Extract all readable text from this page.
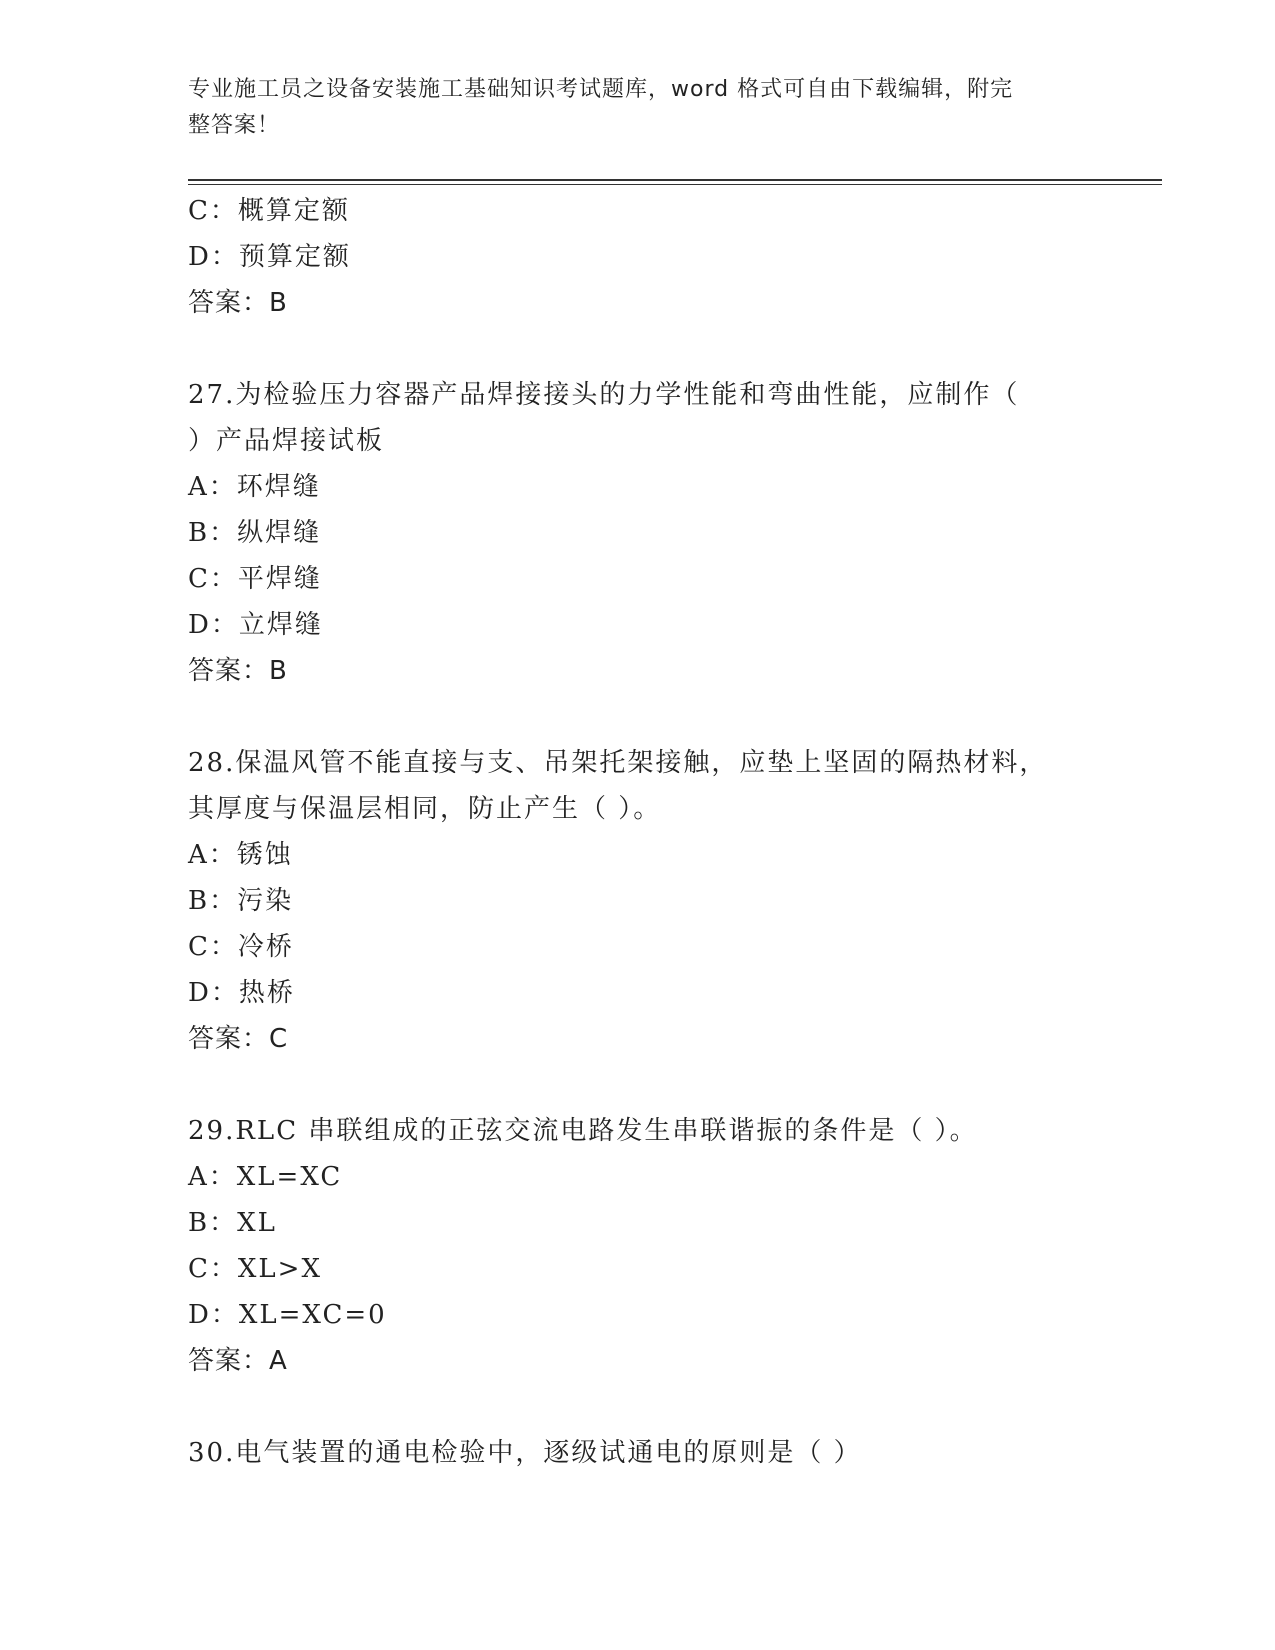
专业施工员之设备安装施工基础知识考试题库，word 格式可自由下载编辑，附完
整答案！
C：概算定额
D：预算定额
答案：B
27.为检验压力容器产品焊接接头的力学性能和弯曲性能，应制作（
）产品焊接试板
A：环焊缝
B：纵焊缝
C：平焊缝
D：立焊缝
答案：B
28.保温风管不能直接与支、吊架托架接触，应垫上坚固的隔热材料，
其厚度与保温层相同，防止产生（ ）。
A：锈蚀
B：污染
C：冷桥
D：热桥
答案：C
29.RLC 串联组成的正弦交流电路发生串联谐振的条件是（ ）。
A：XL=XC
B：XL
C：XL>X
D：XL=XC=0
答案：A
30.电气装置的通电检验中，逐级试通电的原则是（ ）
